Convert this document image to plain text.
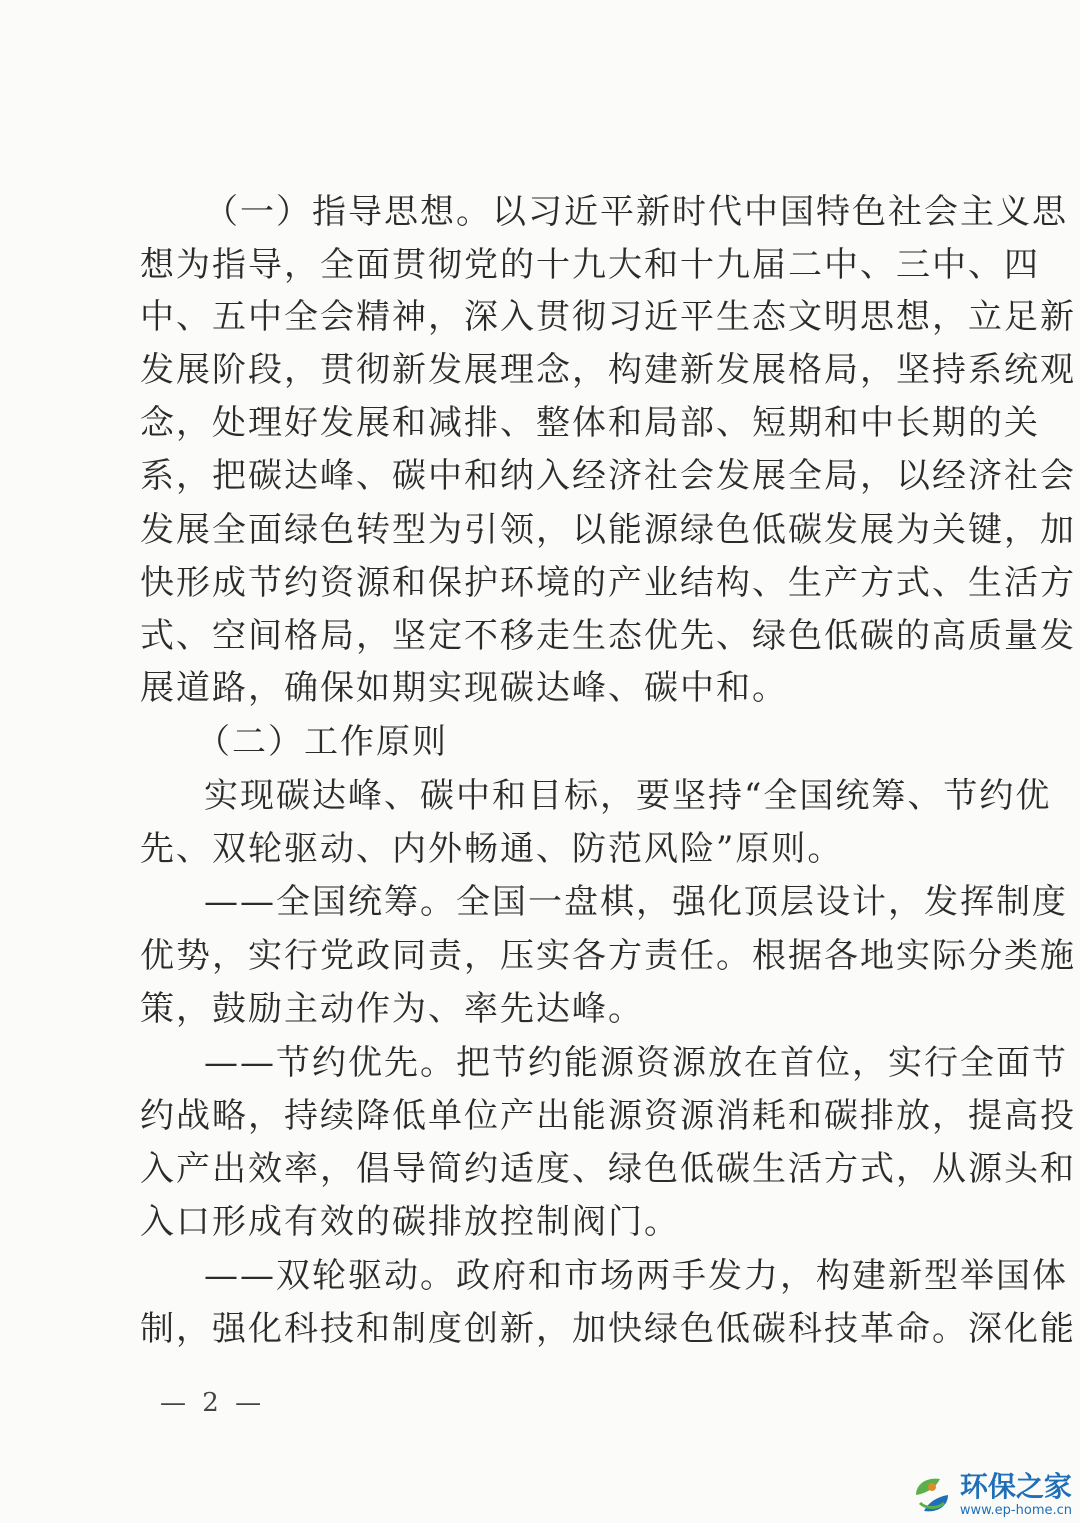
（一）指导思想。以习近平新时代中国特色社会主义思
想为指导，全面贯彻党的十九大和十九届二中、三中、四
中、五中全会精神，深入贯彻习近平生态文明思想，立足新
发展阶段，贯彻新发展理念，构建新发展格局，坚持系统观
念，处理好发展和减排、整体和局部、短期和中长期的关
系，把碳达峰、碳中和纳入经济社会发展全局，以经济社会
发展全面绿色转型为引领，以能源绿色低碳发展为关键，加
快形成节约资源和保护环境的产业结构、生产方式、生活方
式、空间格局，坚定不移走生态优先、绿色低碳的高质量发
展道路，确保如期实现碳达峰、碳中和。
（二）工作原则
实现碳达峰、碳中和目标，要坚持“全国统筹、节约优
先、双轮驱动、内外畅通、防范风险”原则。
——全国统筹。全国一盘棋，强化顶层设计，发挥制度
优势，实行党政同责，压实各方责任。根据各地实际分类施
策，鼓励主动作为、率先达峰。
——节约优先。把节约能源资源放在首位，实行全面节
约战略，持续降低单位产出能源资源消耗和碳排放，提高投
入产出效率，倡导简约适度、绿色低碳生活方式，从源头和
入口形成有效的碳排放控制阀门。
——双轮驱动。政府和市场两手发力，构建新型举国体
制，强化科技和制度创新，加快绿色低碳科技革命。深化能
— 2 —
环保之家
www.ep-home.cn
